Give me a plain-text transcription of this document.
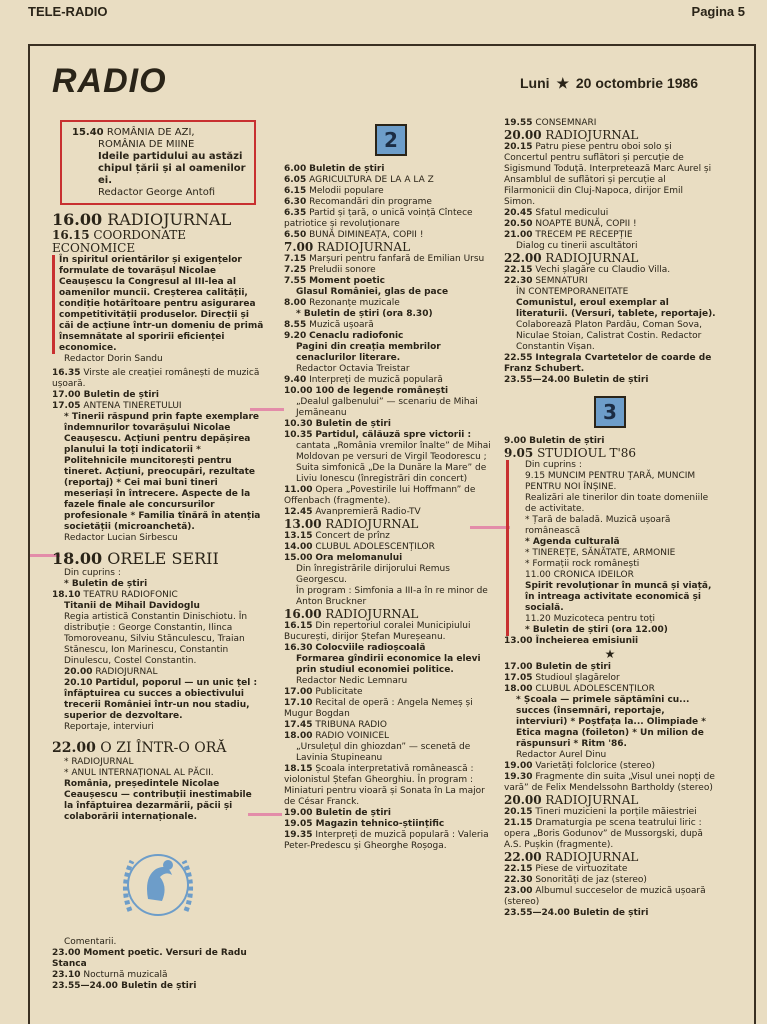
TELE-RADIO	Pagina 5
RADIO	Luni ★ 20 octombrie 1986
15.40 ROMÂNIA DE AZI,
ROMÂNIA DE MIINE
Ideile partidului au astăzi chipul țării și al oamenilor ei.
Redactor George Antofi
16.00 RADIOJURNAL
16.15 COORDONATE ECONOMICE
În spiritul orientărilor și exigențelor formulate de tovarășul Nicolae Ceaușescu la Congresul al III-lea al oamenilor muncii. Creșterea calității, condiție hotărîtoare pentru asigurarea competitivității produselor. Direcții și căi de acțiune într-un domeniu de primă însemnătate al sporirii eficienței economice.
Redactor Dorin Sandu
16.35 Virste ale creației românești de muzică ușoară.
17.00 Buletin de știri
17.05 ANTENA TINERETULUI
* Tinerii răspund prin fapte exemplare îndemnurilor tovarășului Nicolae Ceaușescu. Acțiuni pentru depășirea planului la toți indicatorii * Politehnicile muncitorești pentru tineret. Acțiuni, preocupări, rezultate (reportaj) * Cei mai buni tineri meseriași în întrecere. Aspecte de la fazele finale ale concursurilor profesionale * Familia tînără în atenția societății (microanchetă).
Redactor Lucian Sirbescu
18.00 ORELE SERII
Din cuprins :
* Buletin de știri
18.10 TEATRU RADIOFONIC
Titanii de Mihail Davidoglu
Regia artistică Constantin Dinischiotu. În distribuție : George Constantin, Ilinca Tomoroveanu, Silviu Stănculescu, Traian Stănescu, Ion Marinescu, Constantin Dinulescu, Costel Constantin.
20.00 RADIOJURNAL
20.10 Partidul, poporul — un unic țel : înfăptuirea cu succes a obiectivului trecerii României într-un nou stadiu, superior de dezvoltare.
Reportaje, interviuri
22.00 O ZI ÎNTR-O ORĂ
* RADIOJURNAL
* ANUL INTERNAȚIONAL AL PĂCII.
România, președintele Nicolae Ceaușescu — contribuții inestimabile la înfăptuirea dezarmării, păcii și colaborării internaționale.
Comentarii.
23.00 Moment poetic. Versuri de Radu Stanca
23.10 Nocturnă muzicală
23.55—24.00 Buletin de știri
2
6.00 Buletin de știri
6.05 AGRICULTURA DE LA A LA Z
6.15 Melodii populare
6.30 Recomandări din programe
6.35 Partid și țară, o unică voință Cîntece patriotice și revoluționare
6.50 BUNĂ DIMINEAȚA, COPII !
7.00 RADIOJURNAL
7.15 Marșuri pentru fanfară de Emilian Ursu
7.25 Preludii sonore
7.55 Moment poetic
Glasul României, glas de pace
8.00 Rezonanțe muzicale
* Buletin de știri (ora 8.30)
8.55 Muzică ușoară
9.20 Cenaclu radiofonic
Pagini din creația membrilor cenaclurilor literare.
Redactor Octavia Treistar
9.40 Interpreți de muzică populară
10.00 100 de legende românești
„Dealul galbenului” — scenariu de Mihai Jemăneanu
10.30 Buletin de știri
10.35 Partidul, călăuză spre victorii :
cantata „România vremilor înalte” de Mihai Moldovan pe versuri de Virgil Teodorescu ; Suita simfonică „De la Dunăre la Mare” de Liviu Ionescu (înregistrări din concert)
11.00 Opera „Povestirile lui Hoffmann” de Offenbach (fragmente).
12.45 Avanpremieră Radio-TV
13.00 RADIOJURNAL
13.15 Concert de prînz
14.00 CLUBUL ADOLESCENȚILOR
15.00 Ora melomanului
Din înregistrările dirijorului Remus Georgescu.
În program : Simfonia a III-a în re minor de Anton Bruckner
16.00 RADIOJURNAL
16.15 Din repertoriul coralei Municipiului București, dirijor Ștefan Mureșeanu.
16.30 Colocviile radioșcoală
Formarea gîndirii economice la elevi prin studiul economiei politice.
Redactor Nedic Lemnaru
17.00 Publicitate
17.10 Recital de operă : Angela Nemeș și Mugur Bogdan
17.45 TRIBUNA RADIO
18.00 RADIO VOINICEL
„Ursulețul din ghiozdan” — scenetă de Lavinia Stupineanu
18.15 Școala interpretativă românească : violonistul Ștefan Gheorghiu. În program : Miniaturi pentru vioară și Sonata în La major de César Franck.
19.00 Buletin de știri
19.05 Magazin tehnico-științific
19.35 Interpreți de muzică populară : Valeria Peter-Predescu și Gheorghe Roșoga.
19.55 CONSEMNARI
20.00 RADIOJURNAL
20.15 Patru piese pentru oboi solo și Concertul pentru suflători și percuție de Sigismund Toduță. Interpretează Marc Aurel și Ansamblul de suflători și percuție al Filarmonicii din Cluj-Napoca, dirijor Emil Simon.
20.45 Sfatul medicului
20.50 NOAPTE BUNĂ, COPII !
21.00 TRECEM PE RECEPȚIE
Dialog cu tinerii ascultători
22.00 RADIOJURNAL
22.15 Vechi șlagăre cu Claudio Villa.
22.30 SEMNATURI
ÎN CONTEMPORANEITATE
Comunistul, eroul exemplar al literaturii. (Versuri, tablete, reportaje).
Colaborează Platon Pardău, Coman Sova, Niculae Stoian, Calistrat Costin. Redactor Constantin Vișan.
22.55 Integrala Cvartetelor de coarde de Franz Schubert.
23.55—24.00 Buletin de știri
3
9.00 Buletin de știri
9.05 STUDIOUL T'86
Din cuprins :
9.15 MUNCIM PENTRU ȚARĂ, MUNCIM PENTRU NOI ÎNȘINE.
Realizări ale tinerilor din toate domeniile de activitate.
* Țară de baladă. Muzică ușoară românească
* Agenda culturală
* TINEREȚE, SĂNĂTATE, ARMONIE
* Formații rock românești
11.00 CRONICA IDEILOR
Spirit revoluționar în muncă și viață, în intreaga activitate economică și socială.
11.20 Muzicoteca pentru toți
* Buletin de știri (ora 12.00)
13.00 Încheierea emisiunii
★
17.00 Buletin de știri
17.05 Studioul șlagărelor
18.00 CLUBUL ADOLESCENȚILOR
* Școala — primele săptămîni cu... succes (însemnări, reportaje, interviuri) * Poștfața la... Olimpiade * Etica magna (foileton) * Un milion de răspunsuri * Ritm '86.
Redactor Aurel Dinu
19.00 Varietăți folclorice (stereo)
19.30 Fragmente din suita „Visul unei nopți de vară” de Felix Mendelssohn Bartholdy (stereo)
20.00 RADIOJURNAL
20.15 Tineri muzicieni la porțile măiestriei
21.15 Dramaturgia pe scena teatrului liric : opera „Boris Godunov” de Mussorgski, după A.S. Pușkin (fragmente).
22.00 RADIOJURNAL
22.15 Piese de virtuozitate
22.30 Sonorități de jaz (stereo)
23.00 Albumul succeselor de muzică ușoară (stereo)
23.55—24.00 Buletin de știri
